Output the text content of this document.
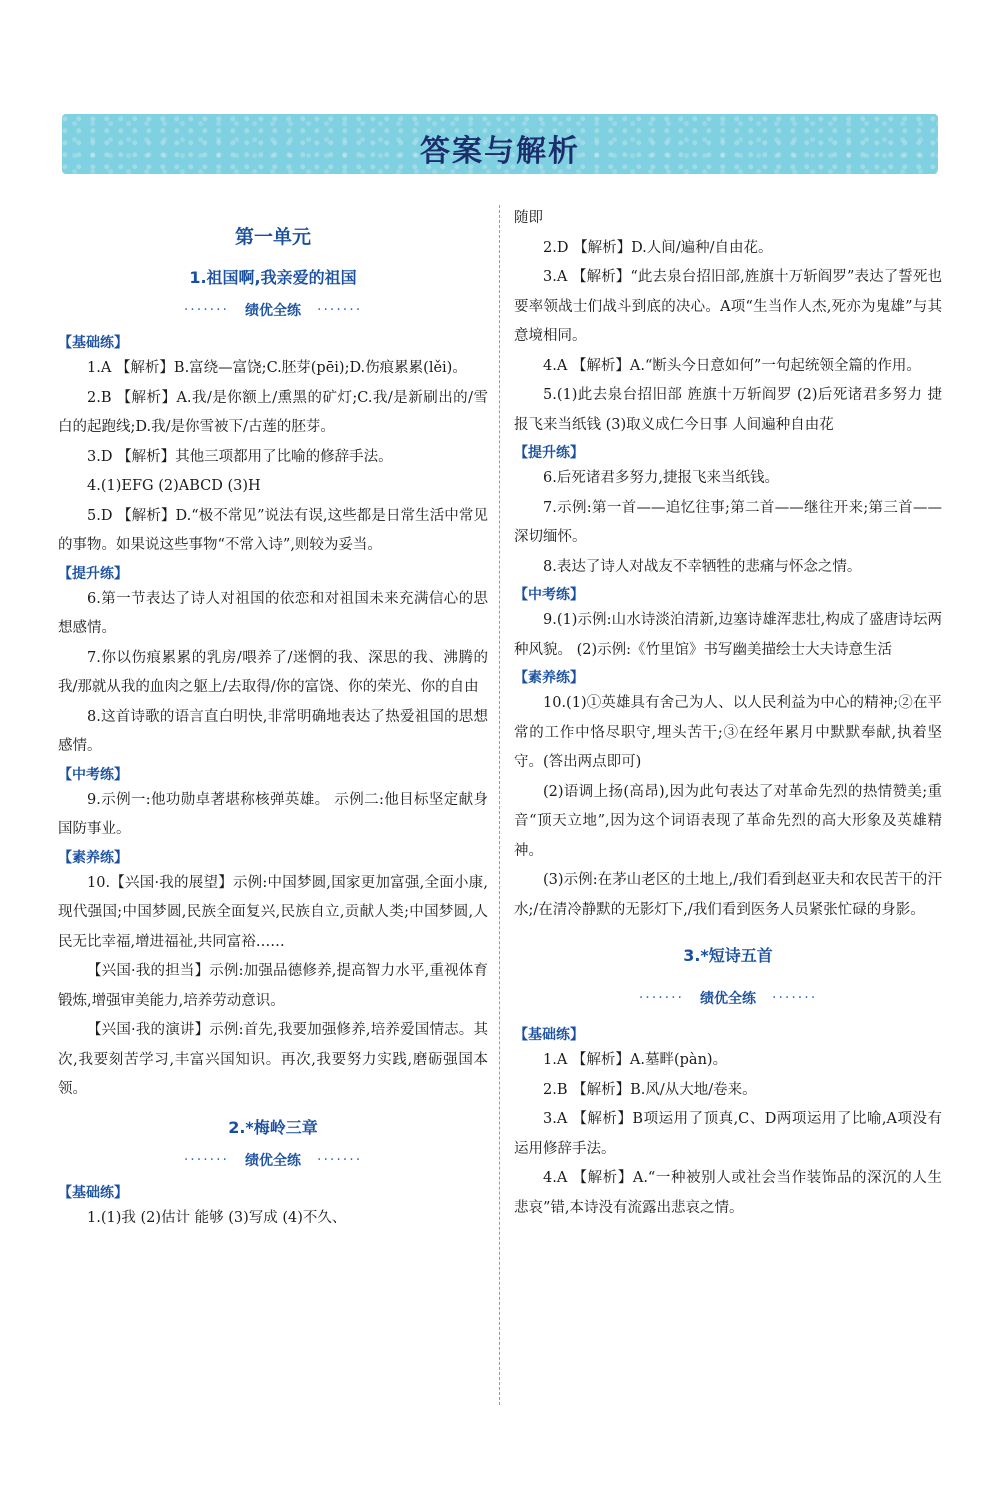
答案与解析
第一单元
1.祖国啊,我亲爱的祖国
······· 绩优全练 ·······
【基础练】
1.A 【解析】B.富绕—富饶;C.胚芽(pēi);D.伤痕累累(lěi)。
2.B 【解析】A.我/是你额上/熏黑的矿灯;C.我/是新刷出的/雪白的起跑线;D.我/是你雪被下/古莲的胚芽。
3.D 【解析】其他三项都用了比喻的修辞手法。
4.(1)EFG (2)ABCD (3)H
5.D 【解析】D.“极不常见”说法有误,这些都是日常生活中常见的事物。如果说这些事物“不常入诗”,则较为妥当。
【提升练】
6.第一节表达了诗人对祖国的依恋和对祖国未来充满信心的思想感情。
7.你以伤痕累累的乳房/喂养了/迷惘的我、深思的我、沸腾的我/那就从我的血肉之躯上/去取得/你的富饶、你的荣光、你的自由
8.这首诗歌的语言直白明快,非常明确地表达了热爱祖国的思想感情。
【中考练】
9.示例一:他功勋卓著堪称核弹英雄。 示例二:他目标坚定献身国防事业。
【素养练】
10.【兴国·我的展望】示例:中国梦圆,国家更加富强,全面小康,现代强国;中国梦圆,民族全面复兴,民族自立,贡献人类;中国梦圆,人民无比幸福,增进福祉,共同富裕……
【兴国·我的担当】示例:加强品德修养,提高智力水平,重视体育锻炼,增强审美能力,培养劳动意识。
【兴国·我的演讲】示例:首先,我要加强修养,培养爱国情志。其次,我要刻苦学习,丰富兴国知识。再次,我要努力实践,磨砺强国本领。
2.*梅岭三章
······· 绩优全练 ·······
【基础练】
1.(1)我 (2)估计 能够 (3)写成 (4)不久、
随即
2.D 【解析】D.人间/遍种/自由花。
3.A 【解析】“此去泉台招旧部,旌旗十万斩阎罗”表达了誓死也要率领战士们战斗到底的决心。A项“生当作人杰,死亦为鬼雄”与其意境相同。
4.A 【解析】A.“断头今日意如何”一句起统领全篇的作用。
5.(1)此去泉台招旧部 旌旗十万斩阎罗 (2)后死诸君多努力 捷报飞来当纸钱 (3)取义成仁今日事 人间遍种自由花
【提升练】
6.后死诸君多努力,捷报飞来当纸钱。
7.示例:第一首——追忆往事;第二首——继往开来;第三首——深切缅怀。
8.表达了诗人对战友不幸牺牲的悲痛与怀念之情。
【中考练】
9.(1)示例:山水诗淡泊清新,边塞诗雄浑悲壮,构成了盛唐诗坛两种风貌。 (2)示例:《竹里馆》书写幽美描绘士大夫诗意生活
【素养练】
10.(1)①英雄具有舍己为人、以人民利益为中心的精神;②在平常的工作中恪尽职守,埋头苦干;③在经年累月中默默奉献,执着坚守。(答出两点即可)
(2)语调上扬(高昂),因为此句表达了对革命先烈的热情赞美;重音“顶天立地”,因为这个词语表现了革命先烈的高大形象及英雄精神。
(3)示例:在茅山老区的土地上,/我们看到赵亚夫和农民苦干的汗水;/在清冷静默的无影灯下,/我们看到医务人员紧张忙碌的身影。
3.*短诗五首
······· 绩优全练 ·······
【基础练】
1.A 【解析】A.墓畔(pàn)。
2.B 【解析】B.风/从大地/卷来。
3.A 【解析】B项运用了顶真,C、D两项运用了比喻,A项没有运用修辞手法。
4.A 【解析】A.“一种被别人或社会当作装饰品的深沉的人生悲哀”错,本诗没有流露出悲哀之情。
